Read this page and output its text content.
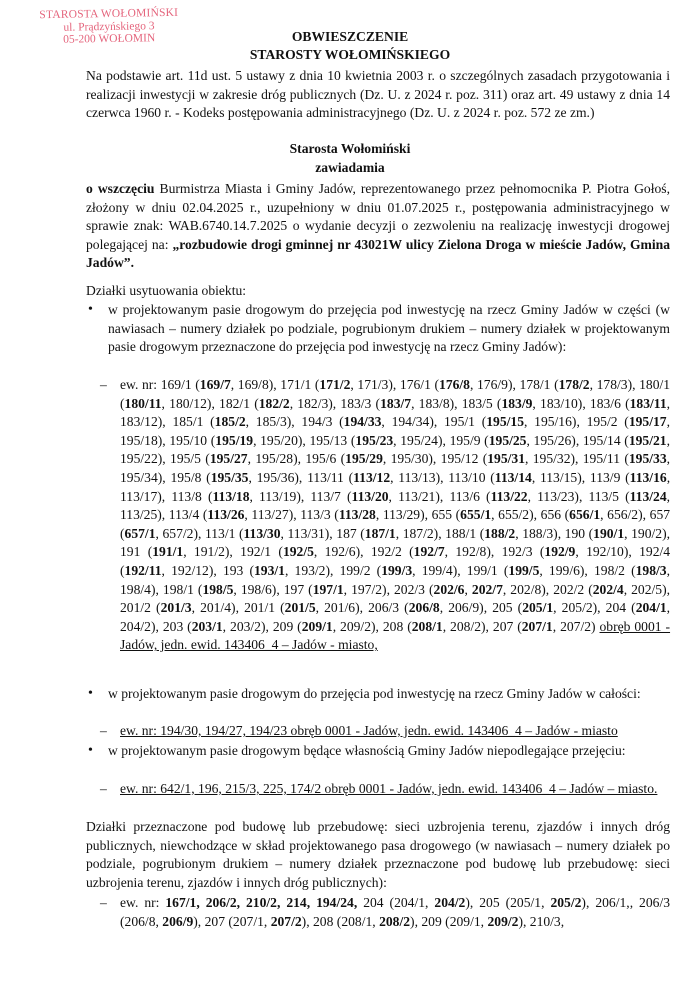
STAROSTA WOŁOMIŃSKI
ul. Prądzyńskiego 3
05-200 WOŁOMIN	OBWIESZCZENIE
STAROSTY WOŁOMIŃSKIEGO
Na podstawie art. 11d ust. 5 ustawy z dnia 10 kwietnia 2003 r. o szczególnych zasadach przygotowania i realizacji inwestycji w zakresie dróg publicznych (Dz. U. z 2024 r. poz. 311) oraz art. 49 ustawy z dnia 14 czerwca 1960 r. - Kodeks postępowania administracyjnego (Dz. U. z 2024 r. poz. 572 ze zm.)
Starosta Wołomiński
zawiadamia
o wszczęciu Burmistrza Miasta i Gminy Jadów, reprezentowanego przez pełnomocnika P. Piotra Gołoś, złożony w dniu 02.04.2025 r., uzupełniony w dniu 01.07.2025 r., postępowania administracyjnego w sprawie znak: WAB.6740.14.7.2025 o wydanie decyzji o zezwoleniu na realizację inwestycji drogowej polegającej na: „rozbudowie drogi gminnej nr 43021W ulicy Zielona Droga w mieście Jadów, Gmina Jadów”.
Działki usytuowania obiektu:
• w projektowanym pasie drogowym do przejęcia pod inwestycję na rzecz Gminy Jadów w części (w nawiasach – numery działek po podziale, pogrubionym drukiem – numery działek w projektowanym pasie drogowym przeznaczone do przejęcia pod inwestycję na rzecz Gminy Jadów):
– ew. nr: 169/1 (169/7, 169/8), 171/1 (171/2, 171/3), 176/1 (176/8, 176/9), 178/1 (178/2, 178/3), 180/1 (180/11, 180/12), 182/1 (182/2, 182/3), 183/3 (183/7, 183/8), 183/5 (183/9, 183/10), 183/6 (183/11, 183/12), 185/1 (185/2, 185/3), 194/3 (194/33, 194/34), 195/1 (195/15, 195/16), 195/2 (195/17, 195/18), 195/10 (195/19, 195/20), 195/13 (195/23, 195/24), 195/9 (195/25, 195/26), 195/14 (195/21, 195/22), 195/5 (195/27, 195/28), 195/6 (195/29, 195/30), 195/12 (195/31, 195/32), 195/11 (195/33, 195/34), 195/8 (195/35, 195/36), 113/11 (113/12, 113/13), 113/10 (113/14, 113/15), 113/9 (113/16, 113/17), 113/8 (113/18, 113/19), 113/7 (113/20, 113/21), 113/6 (113/22, 113/23), 113/5 (113/24, 113/25), 113/4 (113/26, 113/27), 113/3 (113/28, 113/29), 655 (655/1, 655/2), 656 (656/1, 656/2), 657 (657/1, 657/2), 113/1 (113/30, 113/31), 187 (187/1, 187/2), 188/1 (188/2, 188/3), 190 (190/1, 190/2), 191 (191/1, 191/2), 192/1 (192/5, 192/6), 192/2 (192/7, 192/8), 192/3 (192/9, 192/10), 192/4 (192/11, 192/12), 193 (193/1, 193/2), 199/2 (199/3, 199/4), 199/1 (199/5, 199/6), 198/2 (198/3, 198/4), 198/1 (198/5, 198/6), 197 (197/1, 197/2), 202/3 (202/6, 202/7, 202/8), 202/2 (202/4, 202/5), 201/2 (201/3, 201/4), 201/1 (201/5, 201/6), 206/3 (206/8, 206/9), 205 (205/1, 205/2), 204 (204/1, 204/2), 203 (203/1, 203/2), 209 (209/1, 209/2), 208 (208/1, 208/2), 207 (207/1, 207/2) obręb 0001 - Jadów, jedn. ewid. 143406_4 – Jadów - miasto,
• w projektowanym pasie drogowym do przejęcia pod inwestycję na rzecz Gminy Jadów w całości:
– ew. nr: 194/30, 194/27, 194/23 obręb 0001 - Jadów, jedn. ewid. 143406_4 – Jadów - miasto
• w projektowanym pasie drogowym będące własnością Gminy Jadów niepodlegające przejęciu:
– ew. nr: 642/1, 196, 215/3, 225, 174/2 obręb 0001 - Jadów, jedn. ewid. 143406_4 – Jadów – miasto.
Działki przeznaczone pod budowę lub przebudowę: sieci uzbrojenia terenu, zjazdów i innych dróg publicznych, niewchodzące w skład projektowanego pasa drogowego (w nawiasach – numery działek po podziale, pogrubionym drukiem – numery działek przeznaczone pod budowę lub przebudowę: sieci uzbrojenia terenu, zjazdów i innych dróg publicznych):
– ew. nr: 167/1, 206/2, 210/2, 214, 194/24, 204 (204/1, 204/2), 205 (205/1, 205/2), 206/1,, 206/3 (206/8, 206/9), 207 (207/1, 207/2), 208 (208/1, 208/2), 209 (209/1, 209/2), 210/3,
